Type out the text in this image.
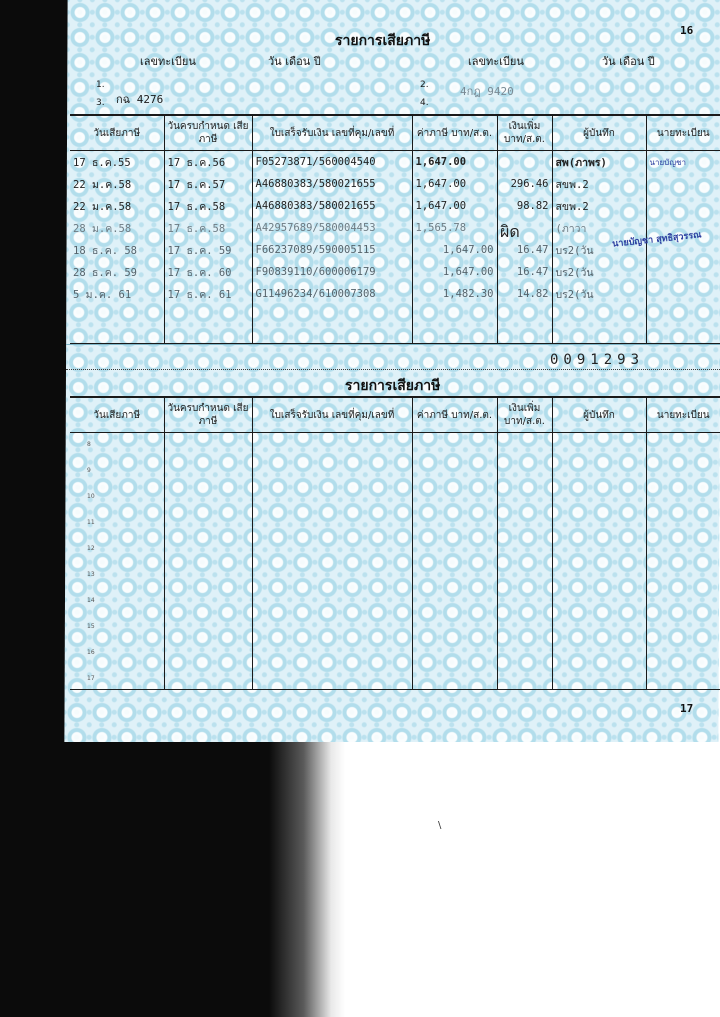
16
รายการเสียภาษี
เลขทะเบียน	วัน เดือน ปี	เลขทะเบียน	วัน เดือน ปี
1.
กฉ 4276
2.	4กฎ 9420
3.	4.
วันเสียภาษี	วันครบกำหนด เสียภาษี	ใบเสร็จรับเงิน เลขที่คุม/เลขที่	ค่าภาษี บาท/ส.ต.	เงินเพิ่ม บาท/ส.ต.	ผู้บันทึก	นายทะเบียน
17 ธ.ค.55	17 ธ.ค.56	F05273871/560004540	1,647.00		สพ(ภาพร)	นายบัญชา
22 ม.ค.58	17 ธ.ค.57	A46880383/580021655	1,647.00	296.46	สขพ.2	
22 ม.ค.58	17 ธ.ค.58	A46880383/580021655	1,647.00	98.82	สขพ.2	
28 ม.ค.58	17 ธ.ค.58	A42957689/580004453	1,565.78		(ภาวา	
18 ธ.ค. 58	17 ธ.ค. 59	F66237089/590005115	1,647.00	16.47	บร2(วัน	
28 ธ.ค. 59	17 ธ.ค. 60	F90839110/600006179	1,647.00	16.47	บร2(วัน	
5 ม.ค. 61	17 ธ.ค. 61	G11496234/610007308	1,482.30	14.82	บร2(วัน	

ผิด	นายบัญชา สุทธิสุวรรณ
0091293
รายการเสียภาษี
วันเสียภาษี	วันครบกำหนด เสียภาษี	ใบเสร็จรับเงิน เลขที่คุม/เลขที่	ค่าภาษี บาท/ส.ต.	เงินเพิ่ม บาท/ส.ต.	ผู้บันทึก	นายทะเบียน

8
9
10
11
12
13
14
15
16
17
17
\
